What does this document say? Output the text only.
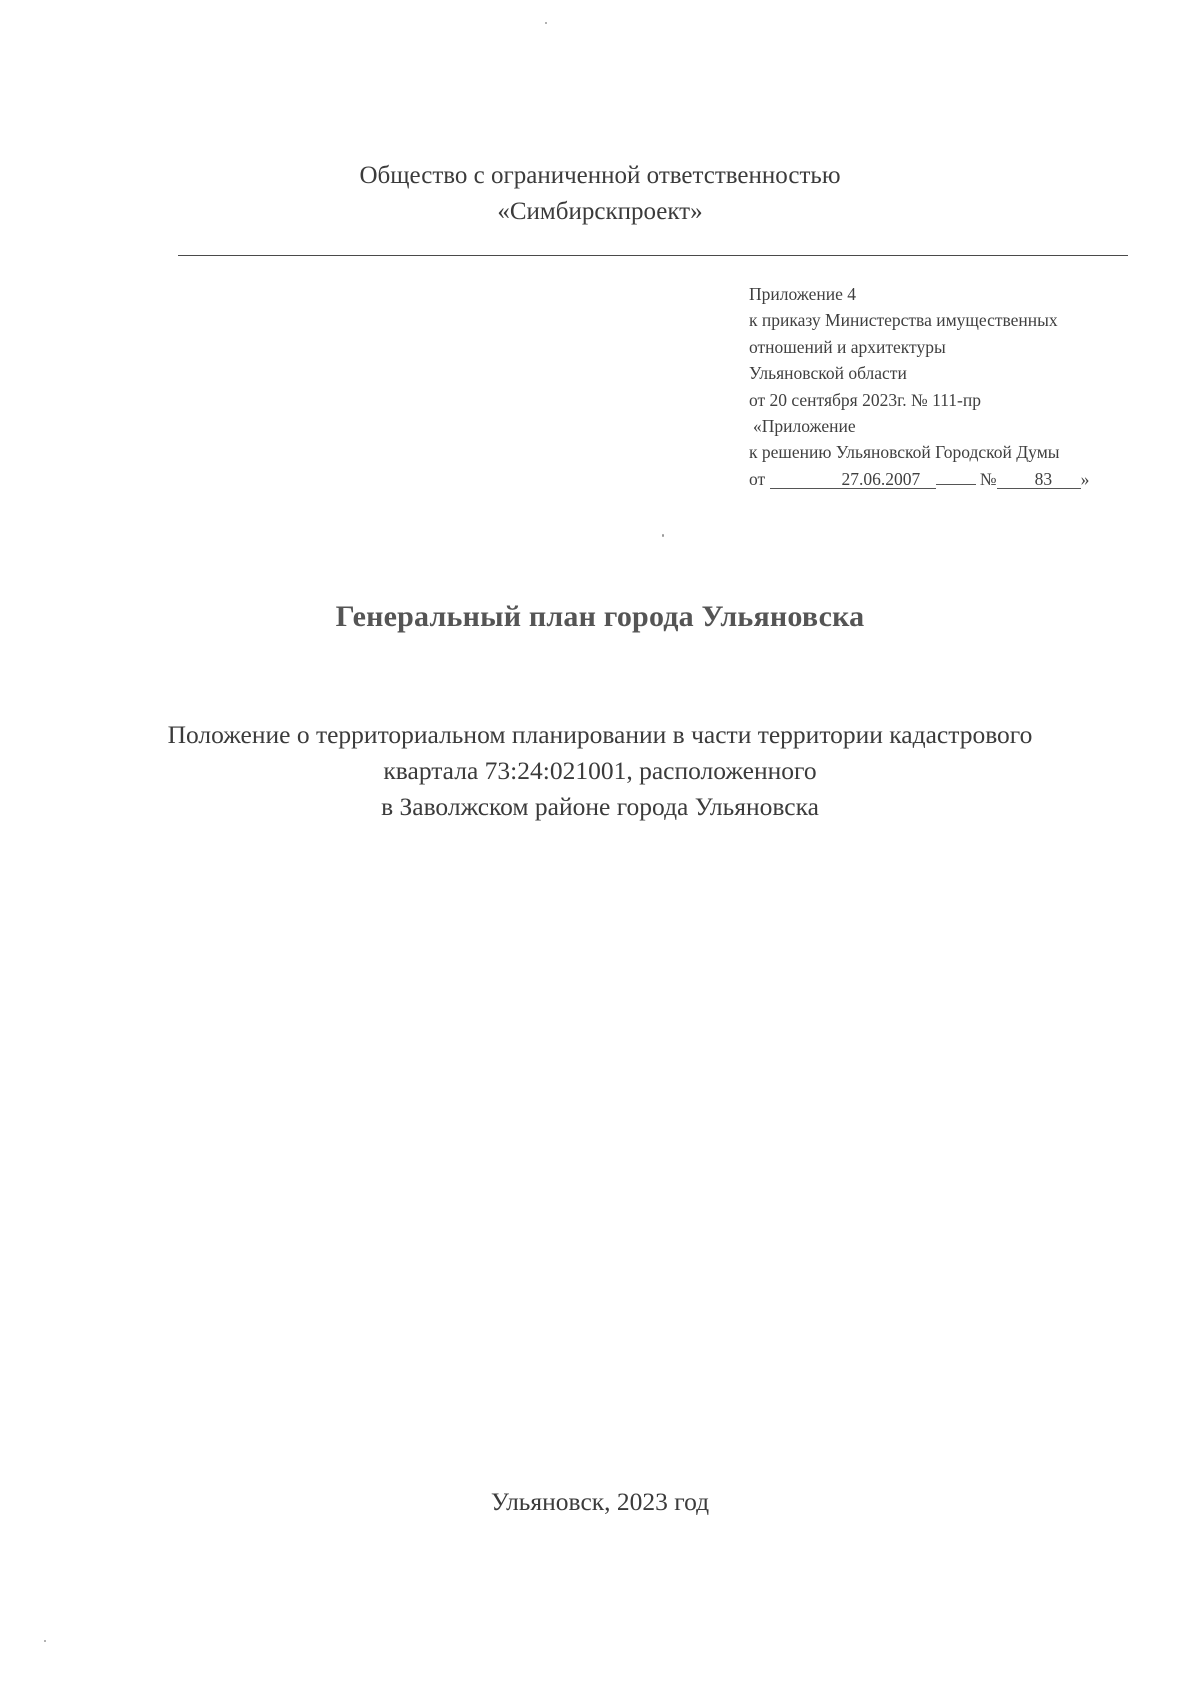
Общество с ограниченной ответственностью
«Симбирскпроект»
Приложение 4
к приказу Министерства имущественных
отношений и архитектуры
Ульяновской области
от 20 сентября 2023г. № 111-пр
«Приложение
к решению Ульяновской Городской Думы
от	27.06.2007	№ 83 »
Генеральный план города Ульяновска
Положение о территориальном планировании в части территории кадастрового
квартала 73:24:021001, расположенного
в Заволжском районе города Ульяновска
Ульяновск, 2023 год
